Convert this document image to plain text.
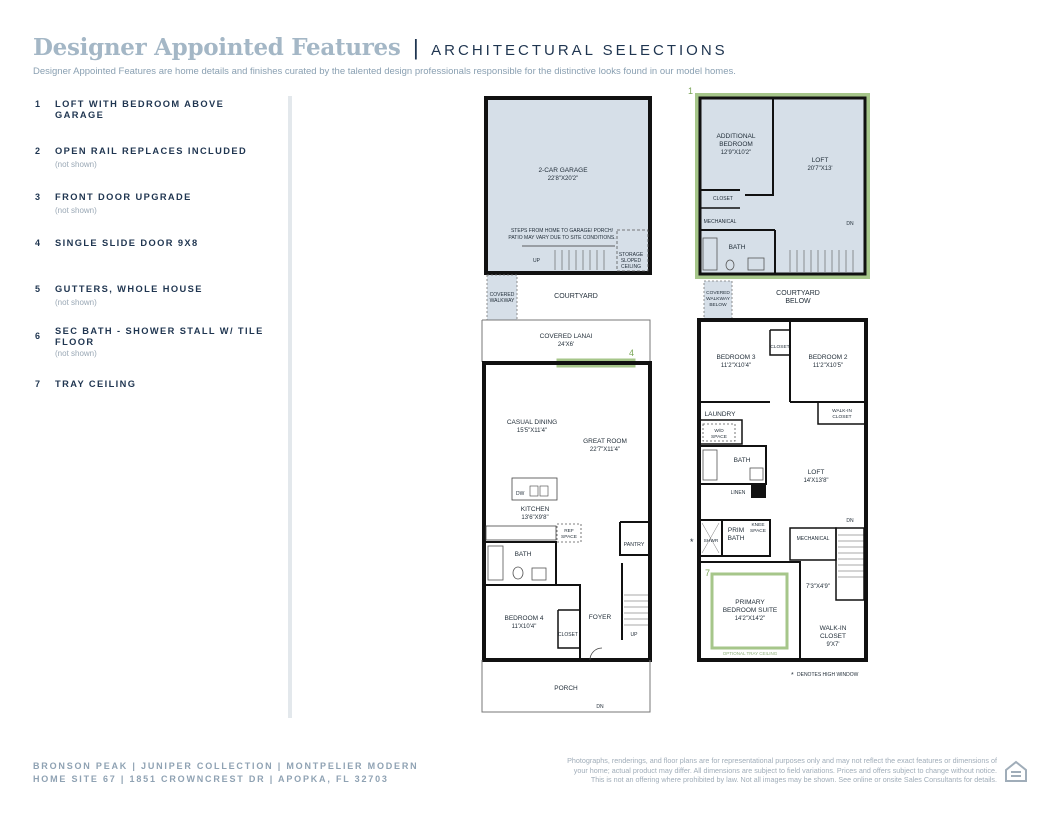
Designer Appointed Features | ARCHITECTURAL SELECTIONS
Designer Appointed Features are home details and finishes curated by the talented design professionals responsible for the distinctive looks found in our model homes.
1 LOFT WITH BEDROOM ABOVE GARAGE
2 OPEN RAIL REPLACES INCLUDED
(not shown)
3 FRONT DOOR UPGRADE
(not shown)
4 SINGLE SLIDE DOOR 9X8
5 GUTTERS, WHOLE HOUSE
(not shown)
6 SEC BATH - SHOWER STALL W/ TILE FLOOR
(not shown)
7 TRAY CEILING
2-CAR GARAGE
22'8"X20'2"
STEPS FROM HOME TO GARAGE/ PORCH/
PATIO MAY VARY DUE TO SITE CONDITIONS.
STORAGE
SLOPED
CEILING
UP
COVERED
WALKWAY
COURTYARD
COVERED LANAI
24'X6'
4
CASUAL DINING
15'5"X11'4"
GREAT ROOM
22'7"X11'4"
DW
KITCHEN
13'6"X9'8"
REF
SPACE
PANTRY
BATH
BEDROOM 4
11'X10'4"
CLOSET
FOYER
UP
PORCH
DN
1
ADDITIONAL
BEDROOM
12'9"X10'2"
LOFT
20'7"X13'
CLOSET
MECHANICAL
BATH
DN
COVERED
WALKWAY
BELOW
COURTYARD
BELOW
BEDROOM 3
11'2"X10'4"
CLOSET
BEDROOM 2
11'2"X10'5"
WALK-IN
CLOSET
LAUNDRY
W/D
SPACE
BATH
LINEN
SHWR
PRIM
BATH
KNEE
SPACE
*
LOFT
14'X13'8"
MECHANICAL
DN
7'3"X4'9"
7
PRIMARY
BEDROOM SUITE
14'2"X14'2"
OPTIONAL TRAY CEILING
WALK-IN
CLOSET
9'X7'
* DENOTES HIGH WINDOW
BRONSON PEAK | JUNIPER COLLECTION | MONTPELIER MODERN
HOME SITE 67 | 1851 CROWNCREST DR | APOPKA, FL 32703
Photographs, renderings, and floor plans are for representational purposes only and may not reflect the exact features or dimensions of
your home; actual product may differ. All dimensions are subject to field variations. Prices and offers subject to change without notice.
This is not an offering where prohibited by law. Not all images may be shown. See online or onsite Sales Consultants for details.
